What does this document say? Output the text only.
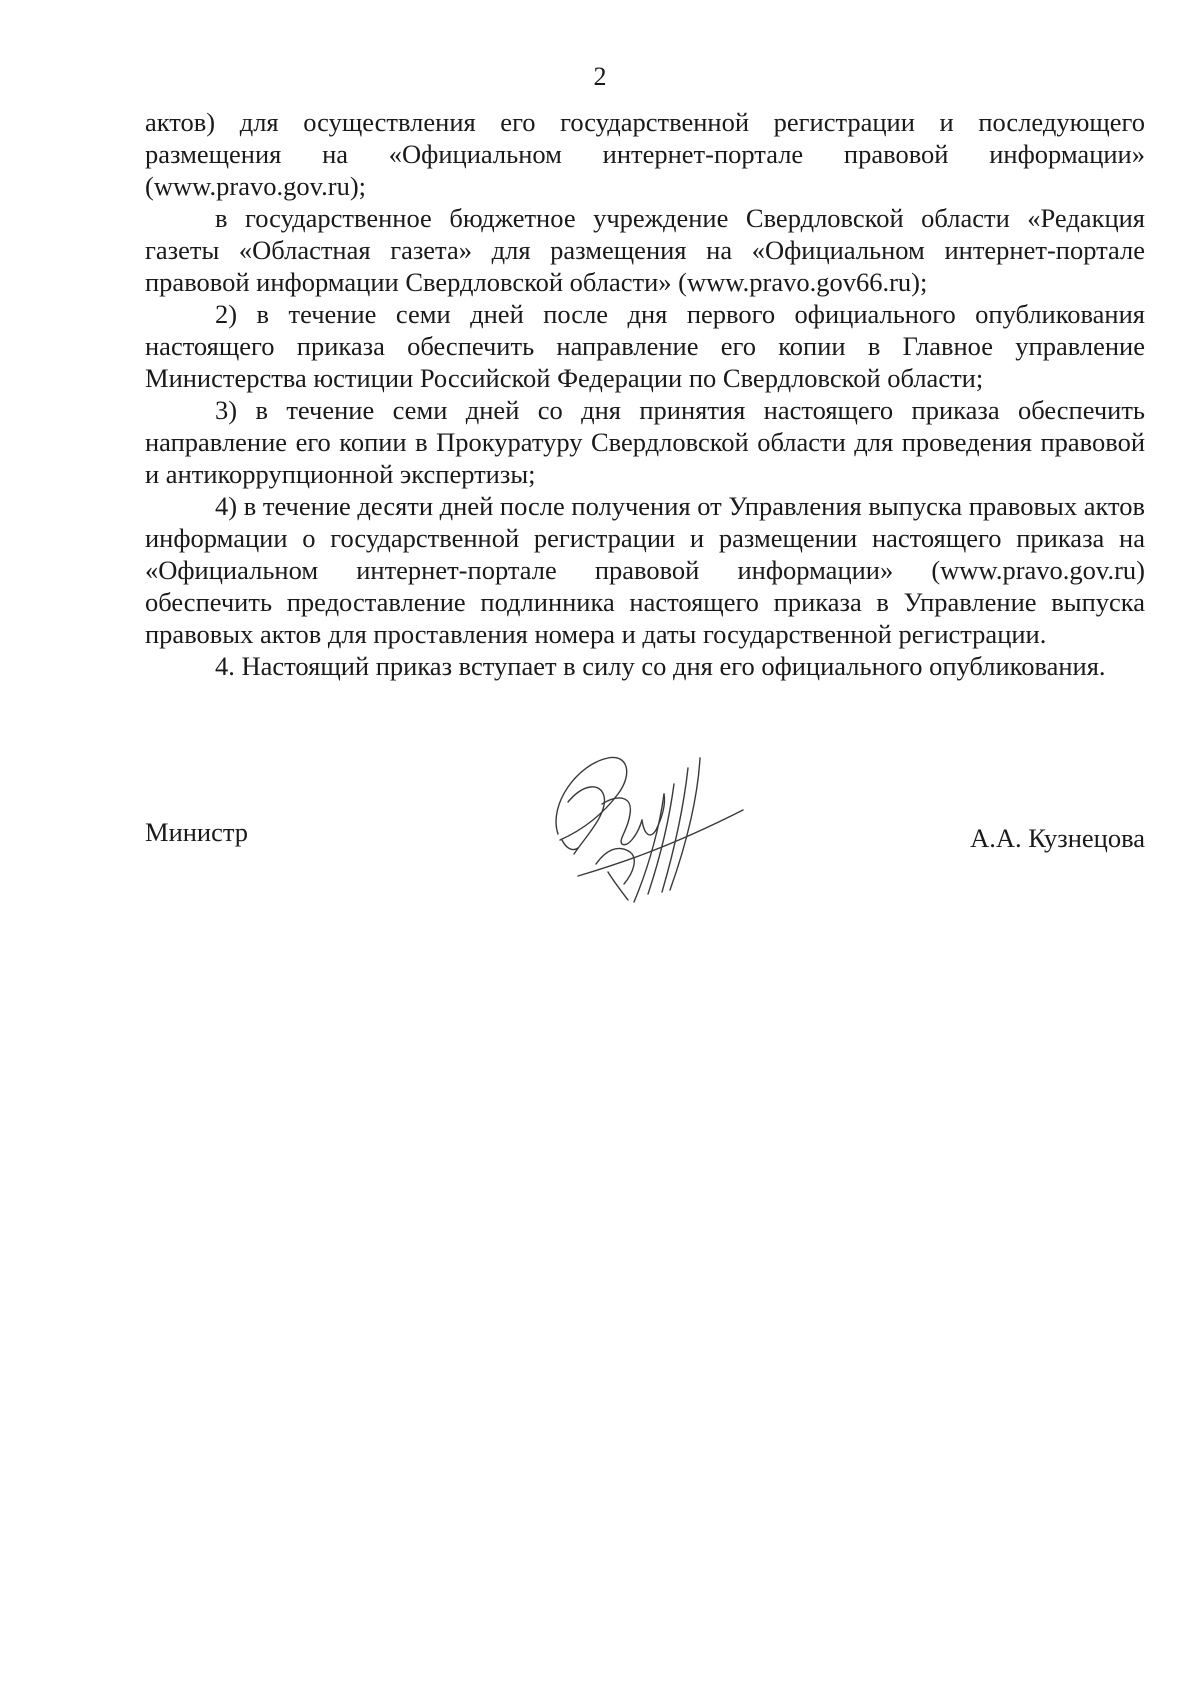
2

актов) для осуществления его государственной регистрации и последующего размещения на «Официальном интернет-портале правовой информации» (www.pravo.gov.ru);

в государственное бюджетное учреждение Свердловской области «Редакция газеты «Областная газета» для размещения на «Официальном интернет-портале правовой информации Свердловской области» (www.pravo.gov66.ru);

2) в течение семи дней после дня первого официального опубликования настоящего приказа обеспечить направление его копии в Главное управление Министерства юстиции Российской Федерации по Свердловской области;

3) в течение семи дней со дня принятия настоящего приказа обеспечить направление его копии в Прокуратуру Свердловской области для проведения правовой и антикоррупционной экспертизы;

4) в течение десяти дней после получения от Управления выпуска правовых актов информации о государственной регистрации и размещении настоящего приказа на «Официальном интернет-портале правовой информации» (www.pravo.gov.ru) обеспечить предоставление подлинника настоящего приказа в Управление выпуска правовых актов для проставления номера и даты государственной регистрации.

4. Настоящий приказ вступает в силу со дня его официального опубликования.

Министр	А.А. Кузнецова
